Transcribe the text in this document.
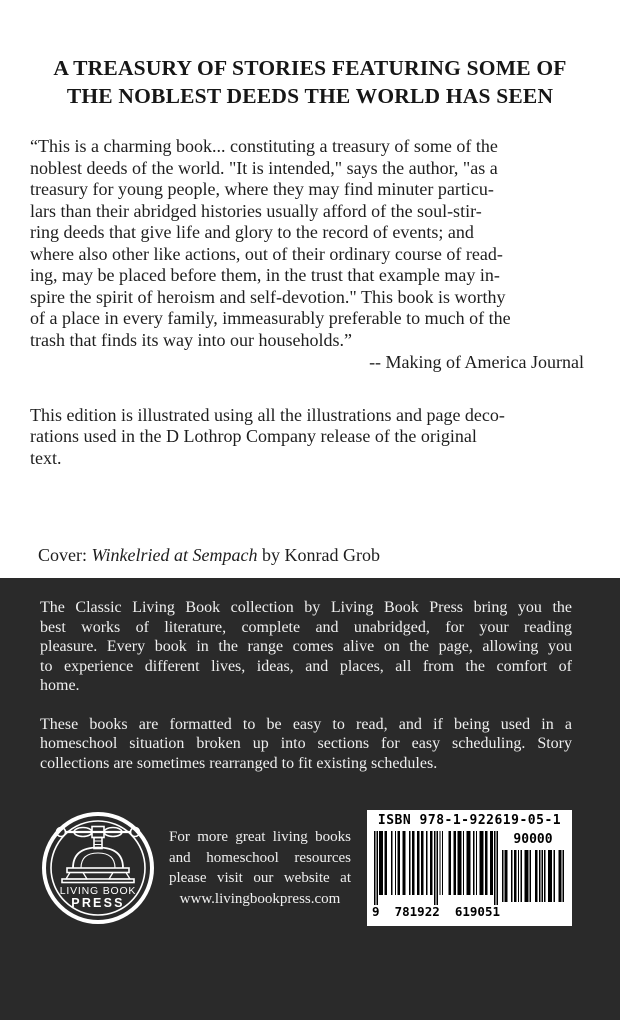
A TREASURY OF STORIES FEATURING SOME OF
THE NOBLEST DEEDS THE WORLD HAS SEEN
“This is a charming book... constituting a treasury of some of the
noblest deeds of the world. "It is intended," says the author, "as a
treasury for young people, where they may find minuter particu-
lars than their abridged histories usually afford of the soul-stir-
ring deeds that give life and glory to the record of events; and
where also other like actions, out of their ordinary course of read-
ing, may be placed before them, in the trust that example may in-
spire the spirit of heroism and self-devotion." This book is worthy
of a place in every family, immeasurably preferable to much of the
trash that finds its way into our households.”
-- Making of America Journal
This edition is illustrated using all the illustrations and page deco-
rations used in the D Lothrop Company release of the original
text.
Cover: Winkelried at Sempach by Konrad Grob
The Classic Living Book collection by Living Book Press bring you the
best works of literature, complete and unabridged, for your reading
pleasure. Every book in the range comes alive on the page, allowing you
to experience different lives, ideas, and places, all from the comfort of
home.
These books are formatted to be easy to read, and if being used in a
homeschool situation broken up into sections for easy scheduling. Story
collections are sometimes rearranged to fit existing schedules.
LIVING BOOK
PRESS
For more great living books
and homeschool resources
please visit our website at
www.livingbookpress.com
ISBN 978-1-922619-05-1
9 781922 619051
90000
